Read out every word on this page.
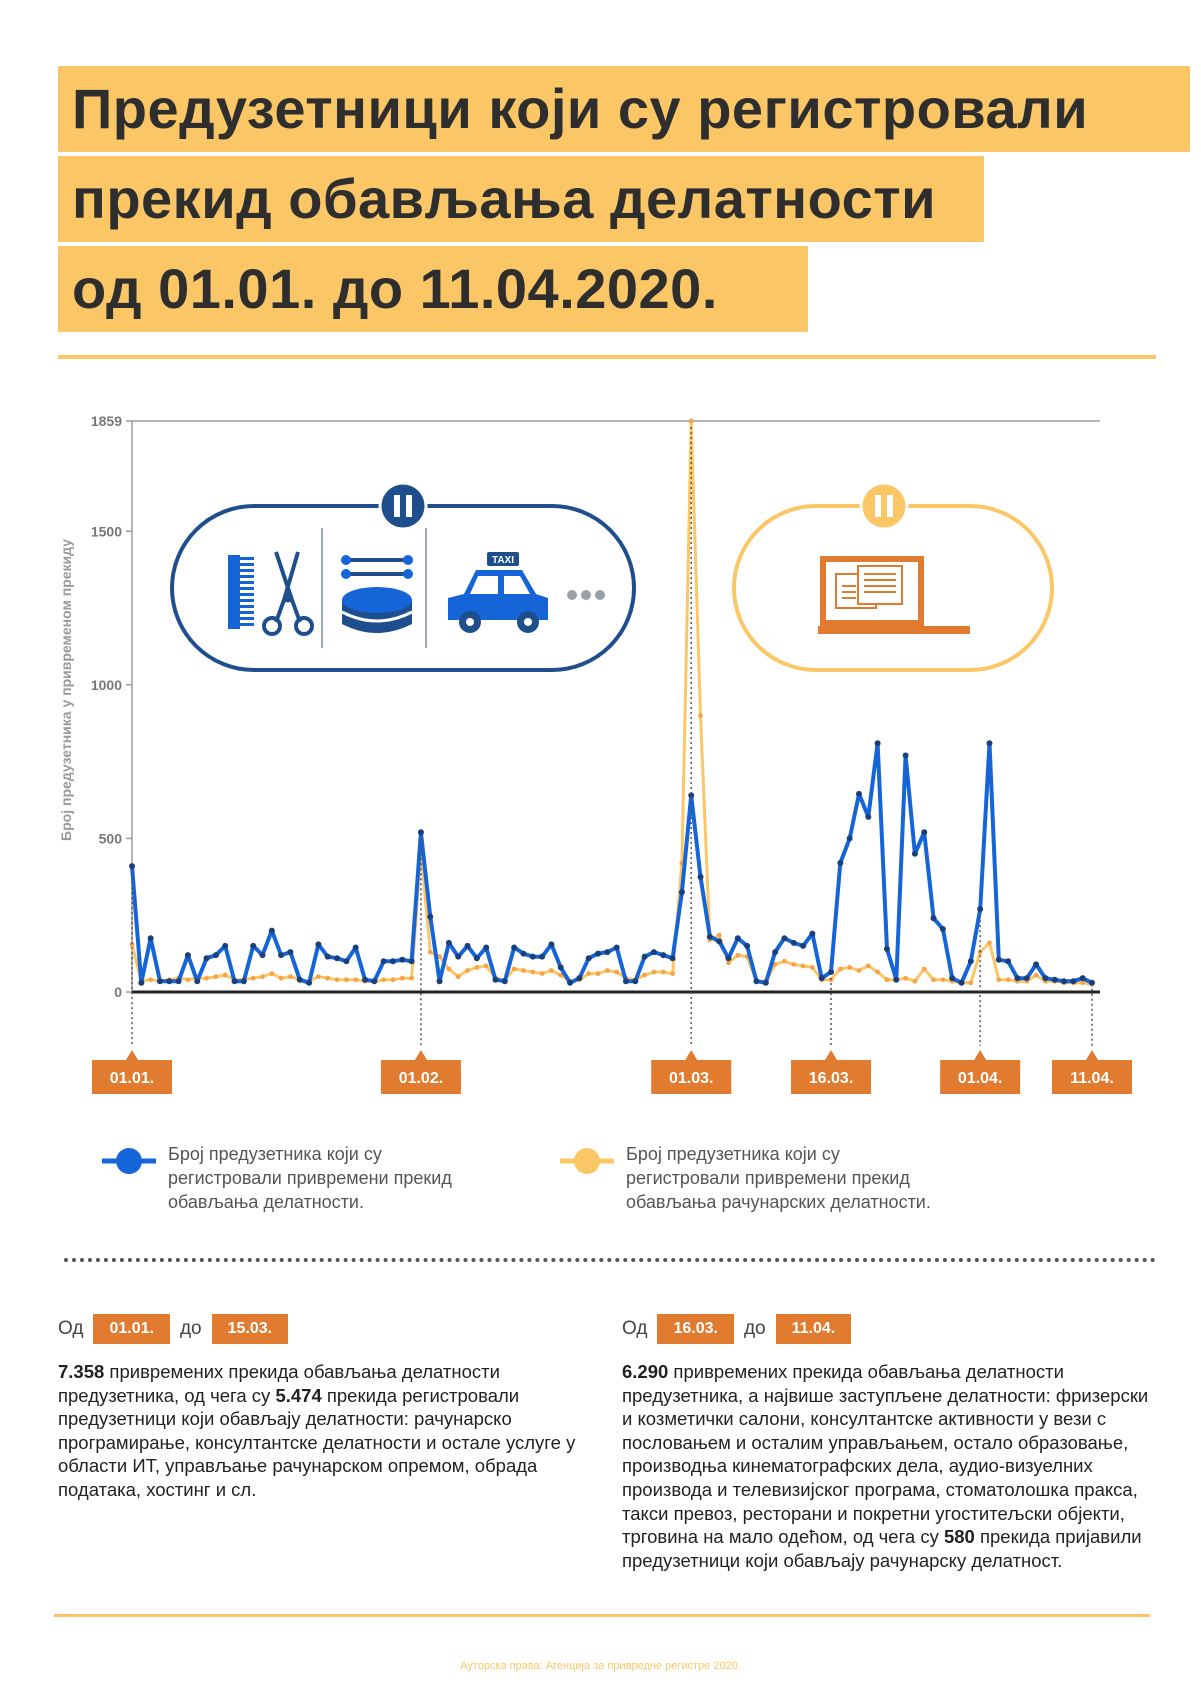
Предузетници који су регистровали
прекид обављања делатности
од 01.01. до 11.04.2020.
0
500
1000
1500
1859
Број предузетника у привременом прекиду	TAXI
01.01.	01.02.	01.03.	16.03.	01.04.	11.04.
Број предузетника који су регистровали привремени прекид обављања делатности.
Број предузетника који су регистровали привремени прекид обављања рачунарских делатности.
Од 01.01. до 15.03.
7.358 привремених прекида обављања делатности предузетника, од чега су 5.474 прекида регистровали предузетници који обављају делатности: рачунарско програмирање, консултантске делатности и остале услуге у области ИТ, управљање рачунарском опремом, обрада података, хостинг и сл.
Од 16.03. до 11.04.
6.290 привремених прекида обављања делатности предузетника, а највише заступљене делатности: фризерски и козметички салони, консултантске активности у вези с пословањем и осталим управљањем, остало образовање, производња кинематографских дела, аудио-визуелних производа и телевизијског програма, стоматолошка пракса, такси превоз, ресторани и покретни угоститељски објекти, трговина на мало одећом, од чега су 580 прекида пријавили предузетници који обављају рачунарску делатност.
Ауторска права: Агенција за привредне регистре 2020.
